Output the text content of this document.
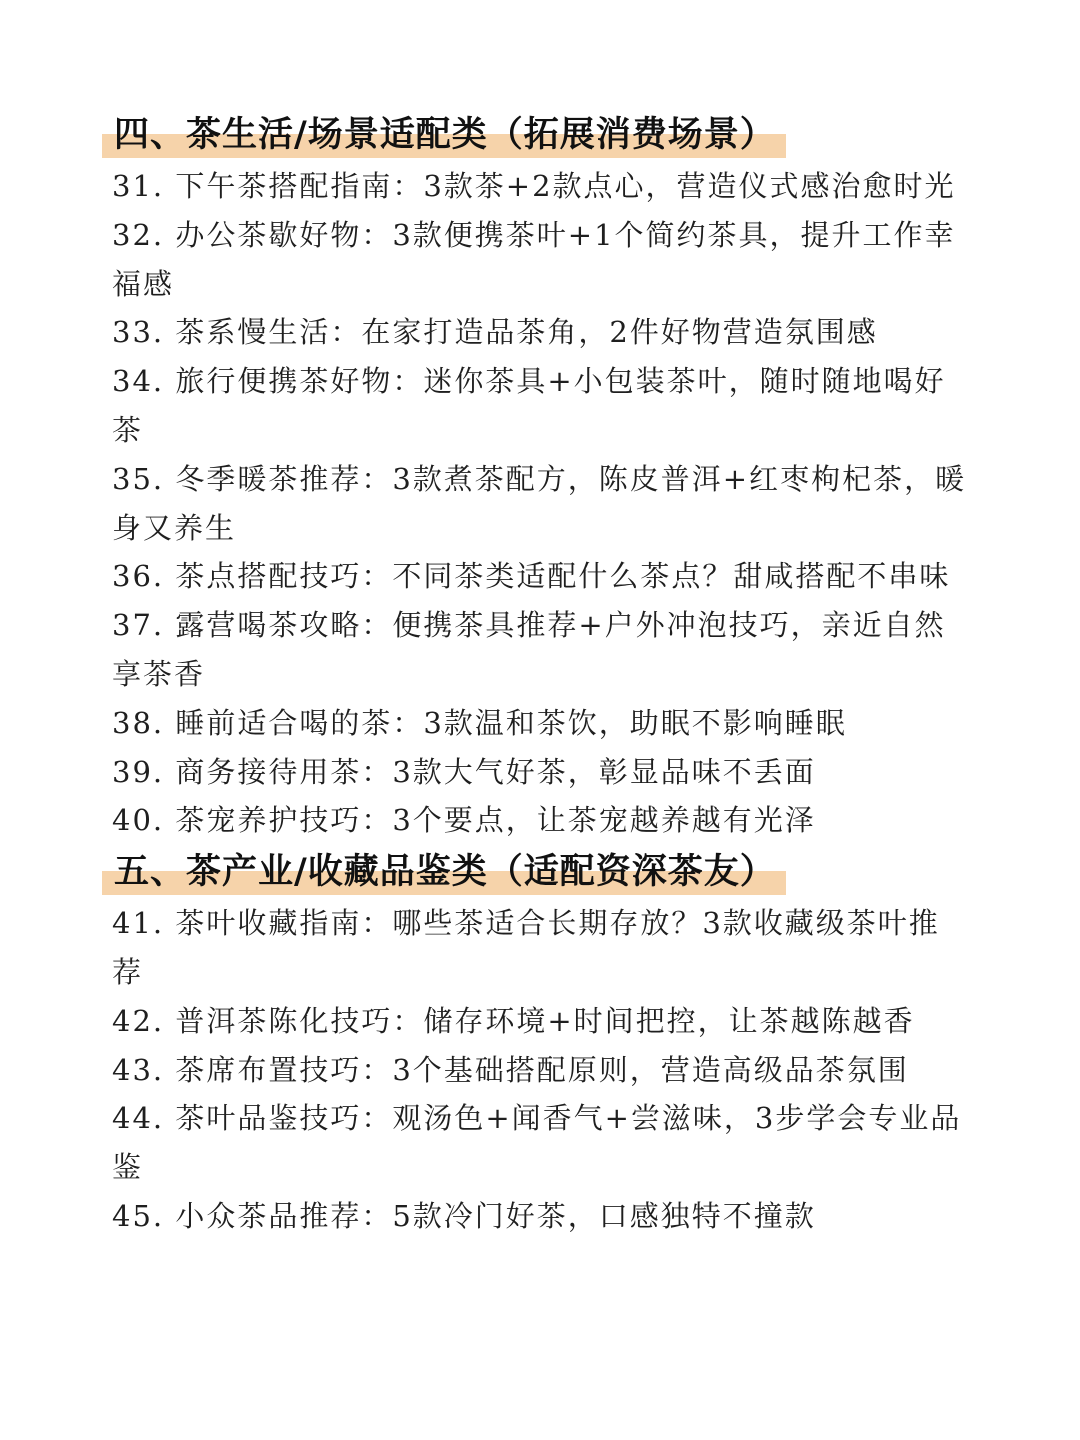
四、茶生活/场景适配类（拓展消费场景）
31. 下午茶搭配指南：3款茶+2款点心，营造仪式感治愈时光
32. 办公茶歇好物：3款便携茶叶+1个简约茶具，提升工作幸福感
33. 茶系慢生活：在家打造品茶角，2件好物营造氛围感
34. 旅行便携茶好物：迷你茶具+小包装茶叶，随时随地喝好茶
35. 冬季暖茶推荐：3款煮茶配方，陈皮普洱+红枣枸杞茶，暖身又养生
36. 茶点搭配技巧：不同茶类适配什么茶点？甜咸搭配不串味
37. 露营喝茶攻略：便携茶具推荐+户外冲泡技巧，亲近自然享茶香
38. 睡前适合喝的茶：3款温和茶饮，助眠不影响睡眠
39. 商务接待用茶：3款大气好茶，彰显品味不丢面
40. 茶宠养护技巧：3个要点，让茶宠越养越有光泽
五、茶产业/收藏品鉴类（适配资深茶友）
41. 茶叶收藏指南：哪些茶适合长期存放？3款收藏级茶叶推荐
42. 普洱茶陈化技巧：储存环境+时间把控，让茶越陈越香
43. 茶席布置技巧：3个基础搭配原则，营造高级品茶氛围
44. 茶叶品鉴技巧：观汤色+闻香气+尝滋味，3步学会专业品鉴
45. 小众茶品推荐：5款冷门好茶，口感独特不撞款
